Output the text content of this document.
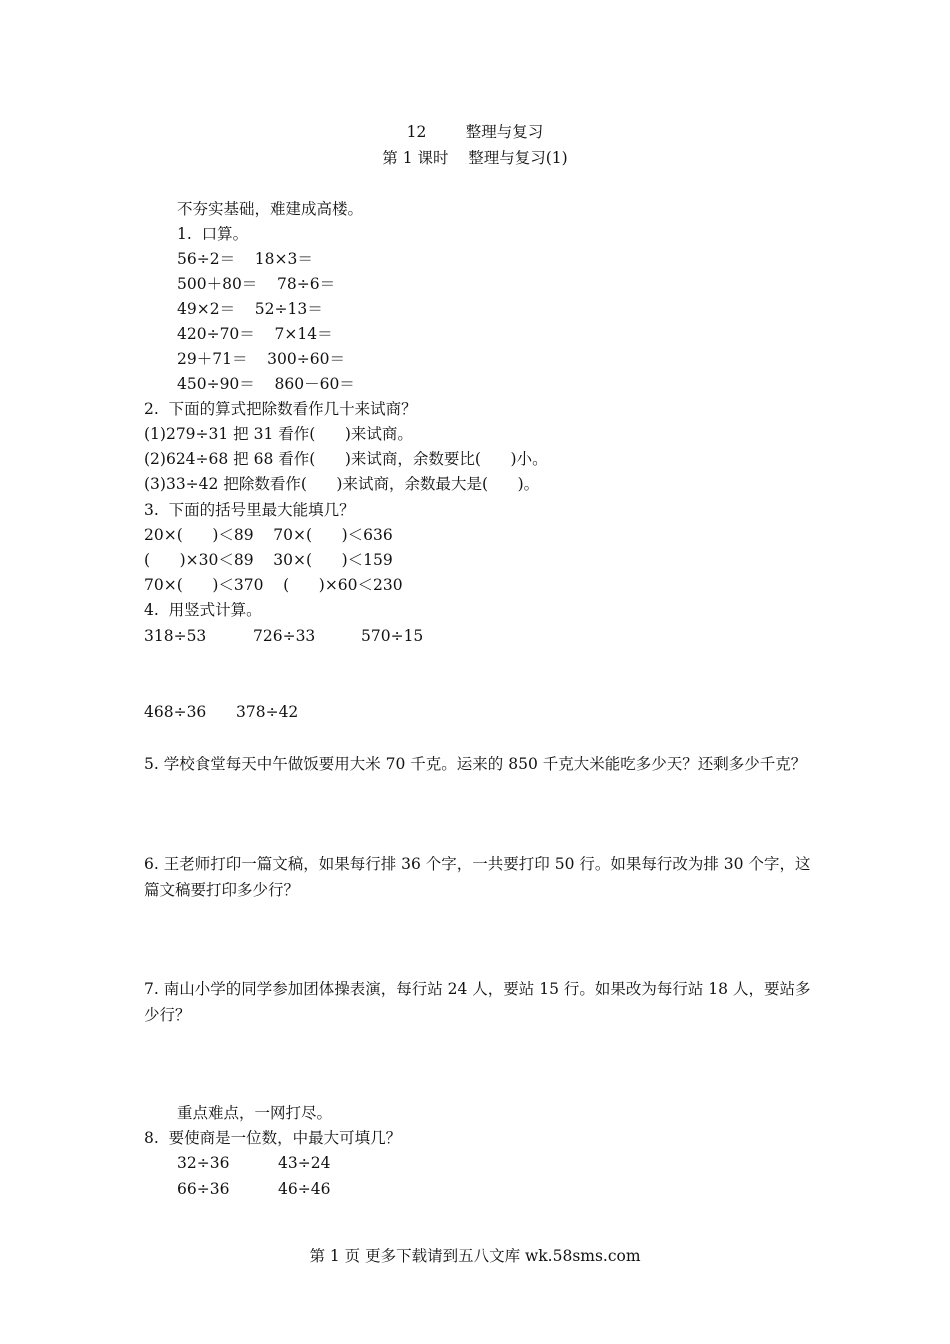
12        整理与复习
第 1 课时    整理与复习(1)
不夯实基础，难建成高楼。
1.  口算。
56÷2＝    18×3＝
500＋80＝    78÷6＝
49×2＝    52÷13＝
420÷70＝    7×14＝
29＋71＝    300÷60＝
450÷90＝    860－60＝
2.  下面的算式把除数看作几十来试商？
(1)279÷31 把 31 看作(      )来试商。
(2)624÷68 把 68 看作(      )来试商，余数要比(      )小。
(3)33÷42 把除数看作(      )来试商，余数最大是(      )。
3.  下面的括号里最大能填几？
20×(      )＜89    70×(      )＜636
(      )×30＜89    30×(      )＜159
70×(      )＜370    (      )×60＜230
4.  用竖式计算。
318÷53	726÷33	570÷15
468÷36 378÷42
5. 学校食堂每天中午做饭要用大米 70 千克。运来的 850 千克大米能吃多少天？还剩多少千克？
6. 王老师打印一篇文稿，如果每行排 36 个字，一共要打印 50 行。如果每行改为排 30 个字，这篇文稿要打印多少行？
7. 南山小学的同学参加团体操表演，每行站 24 人，要站 15 行。如果改为每行站 18 人，要站多少行？
重点难点，一网打尽。
8.  要使商是一位数，中最大可填几？
32÷36	43÷24
66÷36	46÷46
第 1 页 更多下载请到五八文库 wk.58sms.com
